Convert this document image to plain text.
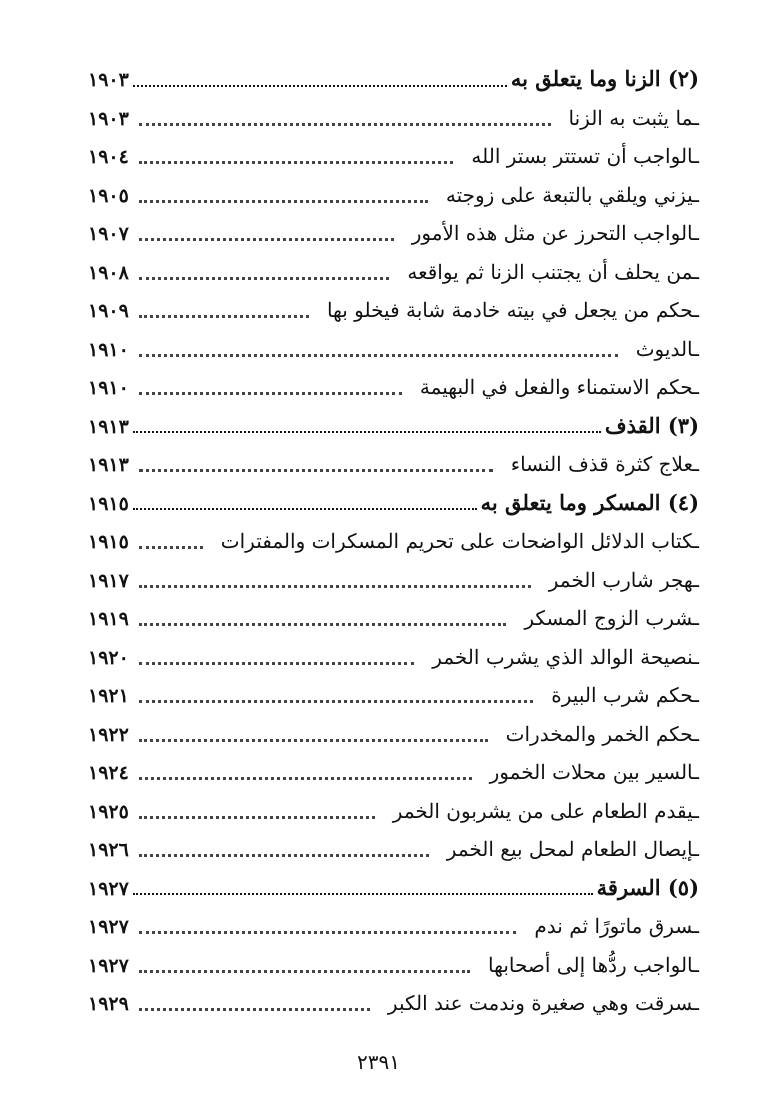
(٢) الزنا وما يتعلق به
١٩٠٣
ـما يثبت به الزنا
١٩٠٣
ـالواجب أن تستتر بستر الله
١٩٠٤
ـيزني ويلقي بالتبعة على زوجته
١٩٠٥
ـالواجب التحرز عن مثل هذه الأمور
١٩٠٧
ـمن يحلف أن يجتنب الزنا ثم يواقعه
١٩٠٨
ـحكم من يجعل في بيته خادمة شابة فيخلو بها
١٩٠٩
ـالديوث
١٩١٠
ـحكم الاستمناء والفعل في البهيمة
١٩١٠
(٣) القذف
١٩١٣
ـعلاج كثرة قذف النساء
١٩١٣
(٤) المسكر وما يتعلق به
١٩١٥
ـكتاب الدلائل الواضحات على تحريم المسكرات والمفترات
١٩١٥
ـهجر شارب الخمر
١٩١٧
ـشرب الزوج المسكر
١٩١٩
ـنصيحة الوالد الذي يشرب الخمر
١٩٢٠
ـحكم شرب البيرة
١٩٢١
ـحكم الخمر والمخدرات
١٩٢٢
ـالسير بين محلات الخمور
١٩٢٤
ـيقدم الطعام على من يشربون الخمر
١٩٢٥
ـإيصال الطعام لمحل بيع الخمر
١٩٢٦
(٥) السرقة
١٩٢٧
ـسرق ماتورًا ثم ندم
١٩٢٧
ـالواجب ردُّها إلى أصحابها
١٩٢٧
ـسرقت وهي صغيرة وندمت عند الكبر
١٩٢٩
٢٣٩١
